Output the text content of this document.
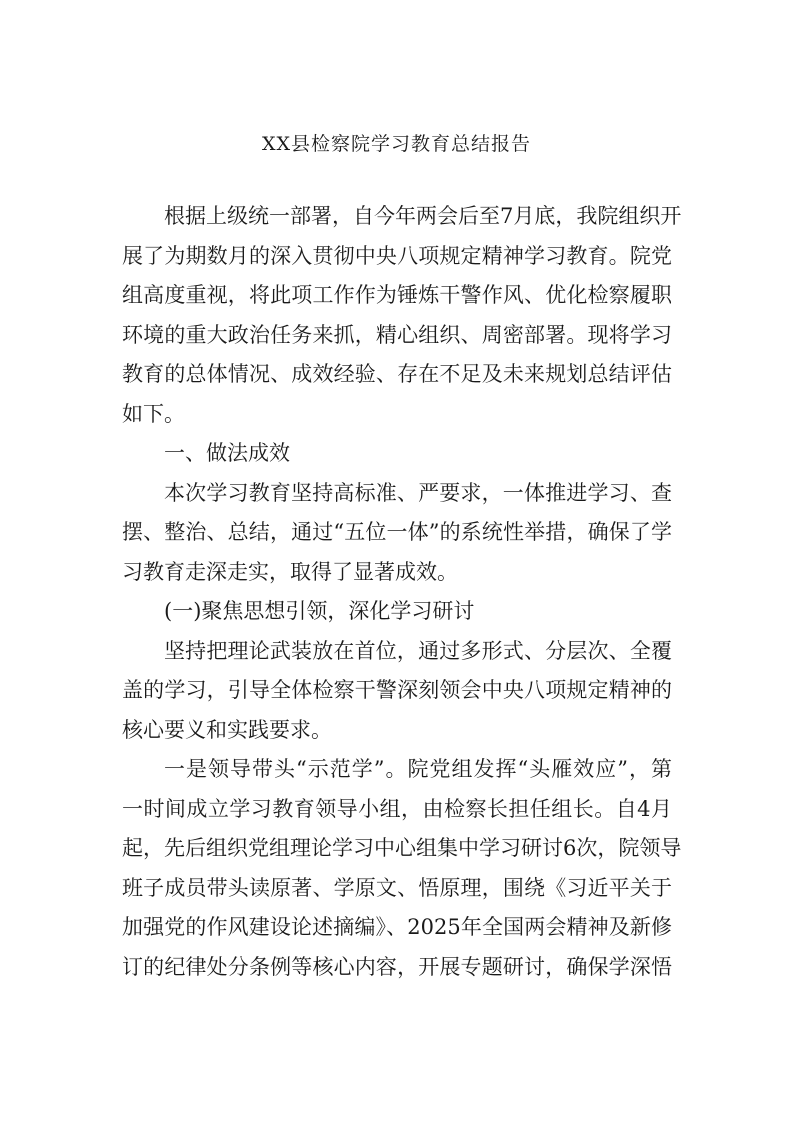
XX县检察院学习教育总结报告
根据上级统一部署，自今年两会后至7月底，我院组织开
展了为期数月的深入贯彻中央八项规定精神学习教育。院党
组高度重视，将此项工作作为锤炼干警作风、优化检察履职
环境的重大政治任务来抓，精心组织、周密部署。现将学习
教育的总体情况、成效经验、存在不足及未来规划总结评估
如下。
一、做法成效
本次学习教育坚持高标准、严要求，一体推进学习、查
摆、整治、总结，通过“五位一体”的系统性举措，确保了学
习教育走深走实，取得了显著成效。
(一)聚焦思想引领，深化学习研讨
坚持把理论武装放在首位，通过多形式、分层次、全覆
盖的学习，引导全体检察干警深刻领会中央八项规定精神的
核心要义和实践要求。
一是领导带头“示范学”。院党组发挥“头雁效应”，第
一时间成立学习教育领导小组，由检察长担任组长。自4月
起，先后组织党组理论学习中心组集中学习研讨6次，院领导
班子成员带头读原著、学原文、悟原理，围绕《习近平关于
加强党的作风建设论述摘编》、2025年全国两会精神及新修
订的纪律处分条例等核心内容，开展专题研讨，确保学深悟
